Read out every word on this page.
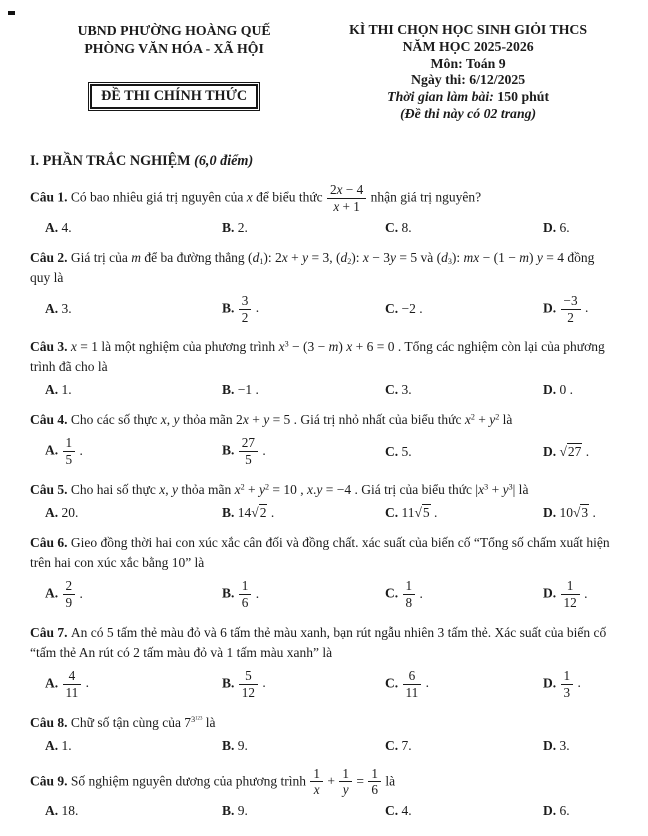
UBND PHƯỜNG HOÀNG QUẾ
PHÒNG VĂN HÓA - XÃ HỘI
ĐỀ THI CHÍNH THỨC
KÌ THI CHỌN HỌC SINH GIỎI THCS
NĂM HỌC 2025-2026
Môn: Toán 9
Ngày thi: 6/12/2025
Thời gian làm bài: 150 phút
(Đề thi này có 02 trang)
I. PHẦN TRẮC NGHIỆM (6,0 điểm)

Câu 1. Có bao nhiêu giá trị nguyên của x để biểu thức $\frac{2x - 4}{x + 1}$ nhận giá trị nguyên?

A. 4.	B. 2.	C. 8.	D. 6.

Câu 2. Giá trị của m để ba đường thẳng $(d_1)$: 2x + y = 3, $(d_2)$: x − 3y = 5 và $(d_3)$: mx − (1 − m) y = 4 đồng quy là

A. 3.	B. $\frac{3}{2}$ .	C. −2 .	D. $\frac{-3}{2}$ .

Câu 3. x = 1 là một nghiệm của phương trình $x^3 - (3 - m) x + 6 = 0$ . Tổng các nghiệm còn lại của phương trình đã cho là

A. 1.	B. −1 .	C. 3.	D. 0 .

Câu 4. Cho các số thực x, y thỏa mãn 2x + y = 5 . Giá trị nhỏ nhất của biểu thức $x^2 + y^2$ là

A. $\frac{1}{5}$ .	B. $\frac{27}{5}$ .	C. 5.	D. √27 .

Câu 5. Cho hai số thực x, y thỏa mãn $x^2 + y^2 = 10$ , x.y = −4 . Giá trị của biểu thức $|x^3 + y^3|$ là

A. 20.	B. 14√2 .	C. 11√5 .	D. 10√3 .

Câu 6. Gieo đồng thời hai con xúc xắc cân đối và đồng chất. xác suất của biến cố “Tổng số chấm xuất hiện trên hai con xúc xắc bằng 10” là

A. $\frac{2}{9}$ .	B. $\frac{1}{6}$ .	C. $\frac{1}{8}$ .	D. $\frac{1}{12}$ .

Câu 7. An có 5 tấm thẻ màu đỏ và 6 tấm thẻ màu xanh, bạn rút ngẫu nhiên 3 tấm thẻ. Xác suất của biến cố “tấm thẻ An rút có 2 tấm màu đỏ và 1 tấm màu xanh” là

A. $\frac{4}{11}$ .	B. $\frac{5}{12}$ .	C. $\frac{6}{11}$ .	D. $\frac{1}{3}$ .

Câu 8. Chữ số tận cùng của $7^{3^{123}}$ là

A. 1.	B. 9.	C. 7.	D. 3.

Câu 9. Số nghiệm nguyên dương của phương trình $\frac{1}{x} + \frac{1}{y} = \frac{1}{6}$ là

A. 18.	B. 9.	C. 4.	D. 6.
